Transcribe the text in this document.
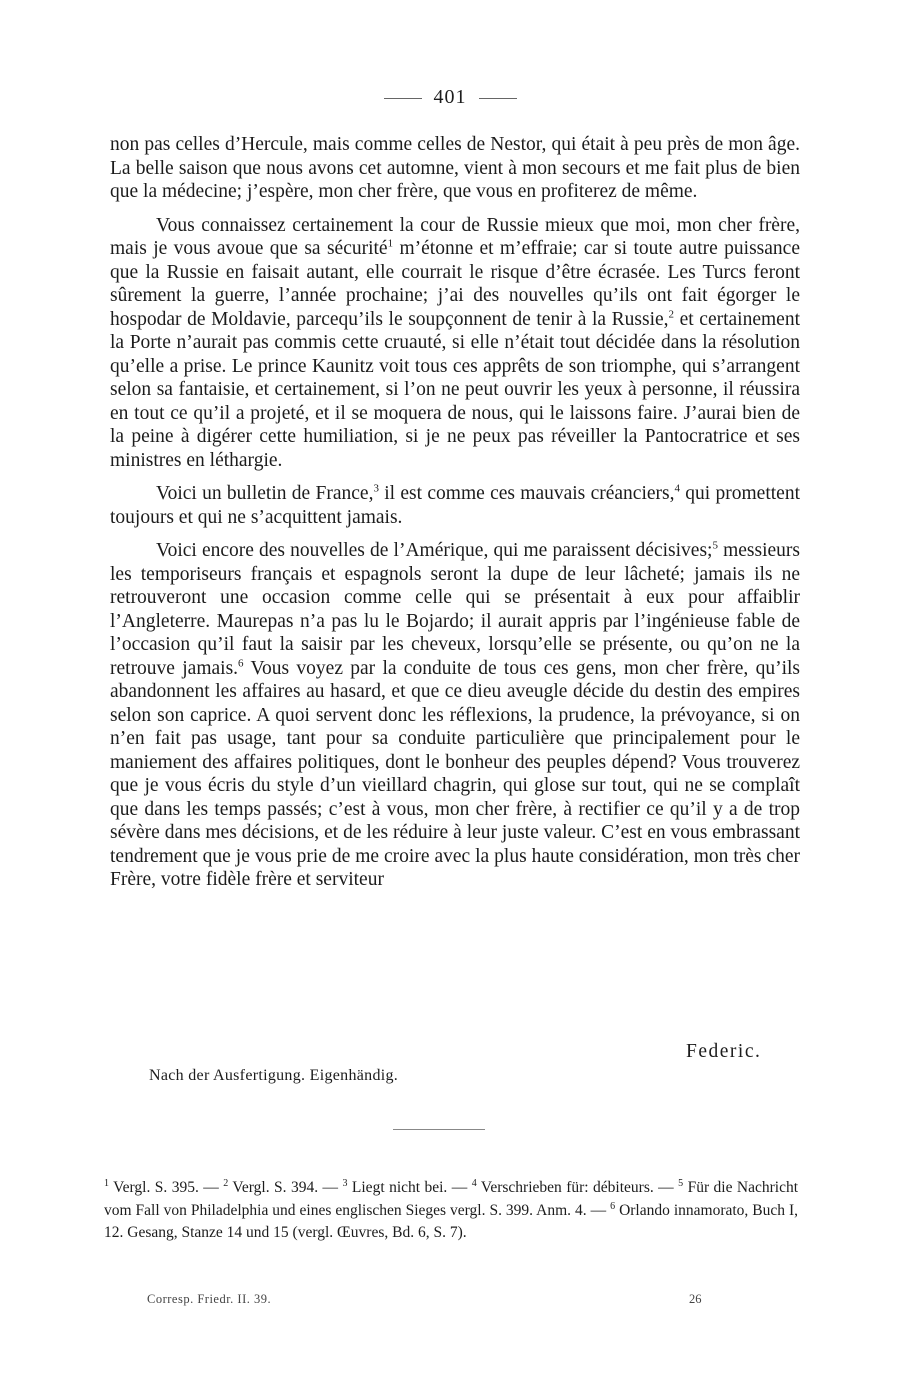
401

non pas celles d’Hercule, mais comme celles de Nestor, qui était à peu près de mon âge. La belle saison que nous avons cet automne, vient à mon secours et me fait plus de bien que la médecine; j’espère, mon cher frère, que vous en profiterez de même.

Vous connaissez certainement la cour de Russie mieux que moi, mon cher frère, mais je vous avoue que sa sécurité$^1$ m’étonne et m’effraie; car si toute autre puissance que la Russie en faisait autant, elle courrait le risque d’être écrasée. Les Turcs feront sûrement la guerre, l’année prochaine; j’ai des nouvelles qu’ils ont fait égorger le hospodar de Moldavie, parcequ’ils le soupçonnent de tenir à la Russie,$^2$ et certainement la Porte n’aurait pas commis cette cruauté, si elle n’était tout décidée dans la résolution qu’elle a prise. Le prince Kaunitz voit tous ces apprêts de son triomphe, qui s’arrangent selon sa fantaisie, et certainement, si l’on ne peut ouvrir les yeux à personne, il réussira en tout ce qu’il a projeté, et il se moquera de nous, qui le laissons faire. J’aurai bien de la peine à digérer cette humiliation, si je ne peux pas réveiller la Pantocratrice et ses ministres en léthargie.

Voici un bulletin de France,$^3$ il est comme ces mauvais créanciers,$^4$ qui promettent toujours et qui ne s’acquittent jamais.

Voici encore des nouvelles de l’Amérique, qui me paraissent décisives;$^5$ messieurs les temporiseurs français et espagnols seront la dupe de leur lâcheté; jamais ils ne retrouveront une occasion comme celle qui se présentait à eux pour affaiblir l’Angleterre. Maurepas n’a pas lu le Bojardo; il aurait appris par l’ingénieuse fable de l’occasion qu’il faut la saisir par les cheveux, lorsqu’elle se présente, ou qu’on ne la retrouve jamais.$^6$ Vous voyez par la conduite de tous ces gens, mon cher frère, qu’ils abandonnent les affaires au hasard, et que ce dieu aveugle décide du destin des empires selon son caprice. A quoi servent donc les réflexions, la prudence, la prévoyance, si on n’en fait pas usage, tant pour sa conduite particulière que principalement pour le maniement des affaires politiques, dont le bonheur des peuples dépend? Vous trouverez que je vous écris du style d’un vieillard chagrin, qui glose sur tout, qui ne se complaît que dans les temps passés; c’est à vous, mon cher frère, à rectifier ce qu’il y a de trop sévère dans mes décisions, et de les réduire à leur juste valeur. C’est en vous embrassant tendrement que je vous prie de me croire avec la plus haute considération, mon très cher Frère, votre fidèle frère et serviteur

Federic.
Nach der Ausfertigung. Eigenhändig.
$^1$ Vergl. S. 395. — $^2$ Vergl. S. 394. — $^3$ Liegt nicht bei. — $^4$ Verschrieben für: débiteurs. — $^5$ Für die Nachricht vom Fall von Philadelphia und eines englischen Sieges vergl. S. 399. Anm. 4. — $^6$ Orlando innamorato, Buch I, 12. Gesang, Stanze 14 und 15 (vergl. Œuvres, Bd. 6, S. 7).
Corresp. Friedr. II. 39.	26
